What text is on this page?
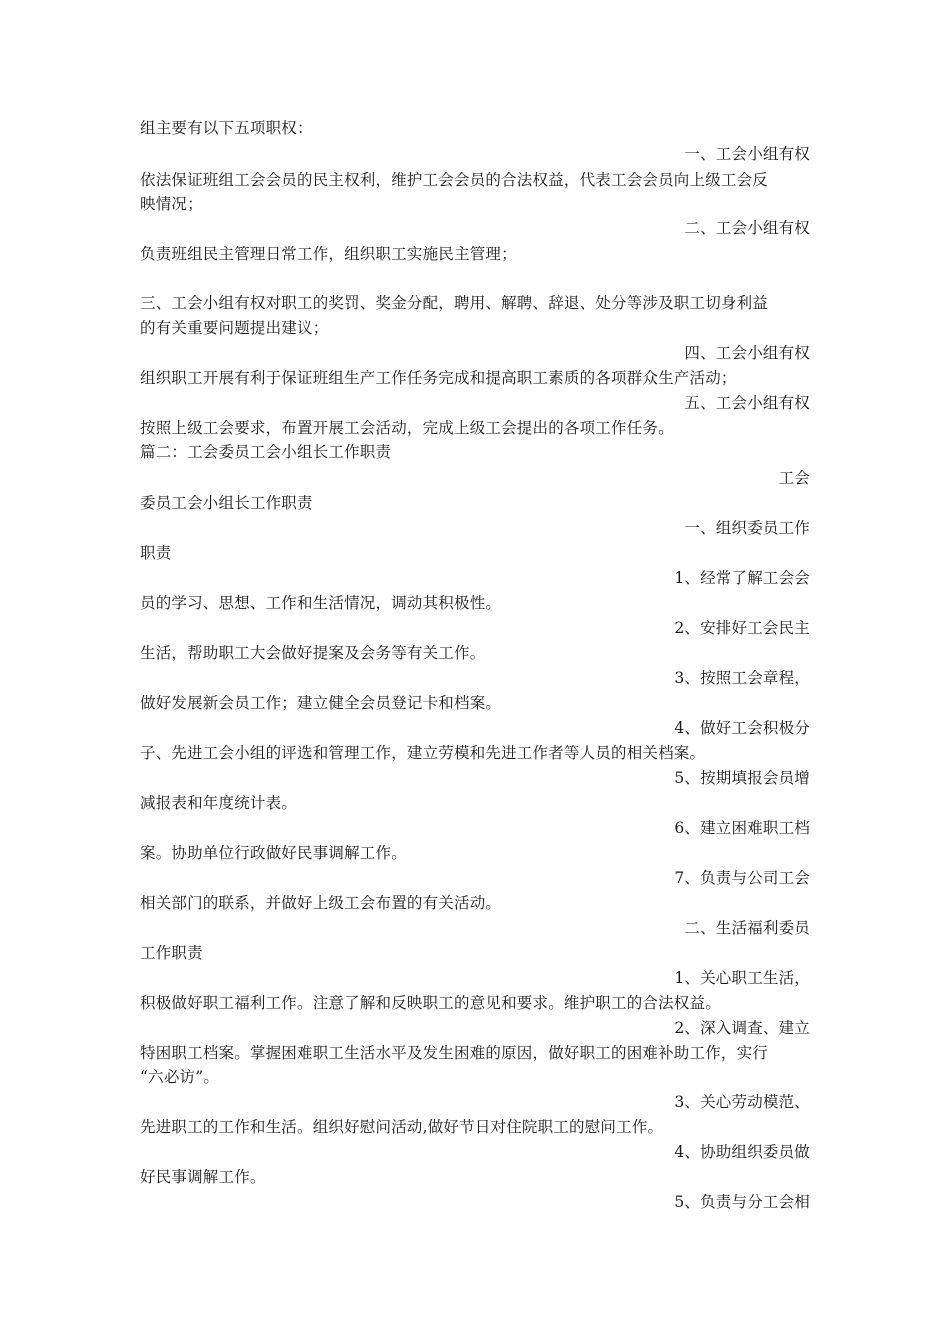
组主要有以下五项职权：
一、工会小组有权
依法保证班组工会会员的民主权利，维护工会会员的合法权益，代表工会会员向上级工会反
映情况；
二、工会小组有权
负责班组民主管理日常工作，组织职工实施民主管理；
三、工会小组有权对职工的奖罚、奖金分配，聘用、解聘、辞退、处分等涉及职工切身利益
的有关重要问题提出建议；
四、工会小组有权
组织职工开展有利于保证班组生产工作任务完成和提高职工素质的各项群众生产活动；
五、工会小组有权
按照上级工会要求，布置开展工会活动，完成上级工会提出的各项工作任务。
篇二：工会委员工会小组长工作职责
工会
委员工会小组长工作职责
一、组织委员工作
职责
1、经常了解工会会
员的学习、思想、工作和生活情况，调动其积极性。
2、安排好工会民主
生活，帮助职工大会做好提案及会务等有关工作。
3、按照工会章程，
做好发展新会员工作；建立健全会员登记卡和档案。
4、做好工会积极分
子、先进工会小组的评选和管理工作，建立劳模和先进工作者等人员的相关档案。
5、按期填报会员增
减报表和年度统计表。
6、建立困难职工档
案。协助单位行政做好民事调解工作。
7、负责与公司工会
相关部门的联系，并做好上级工会布置的有关活动。
二、生活福利委员
工作职责
1、关心职工生活，
积极做好职工福利工作。注意了解和反映职工的意见和要求。维护职工的合法权益。
2、深入调查、建立
特困职工档案。掌握困难职工生活水平及发生困难的原因，做好职工的困难补助工作，实行
“六必访”。
3、关心劳动模范、
先进职工的工作和生活。组织好慰问活动,做好节日对住院职工的慰问工作。
4、协助组织委员做
好民事调解工作。
5、负责与分工会相
